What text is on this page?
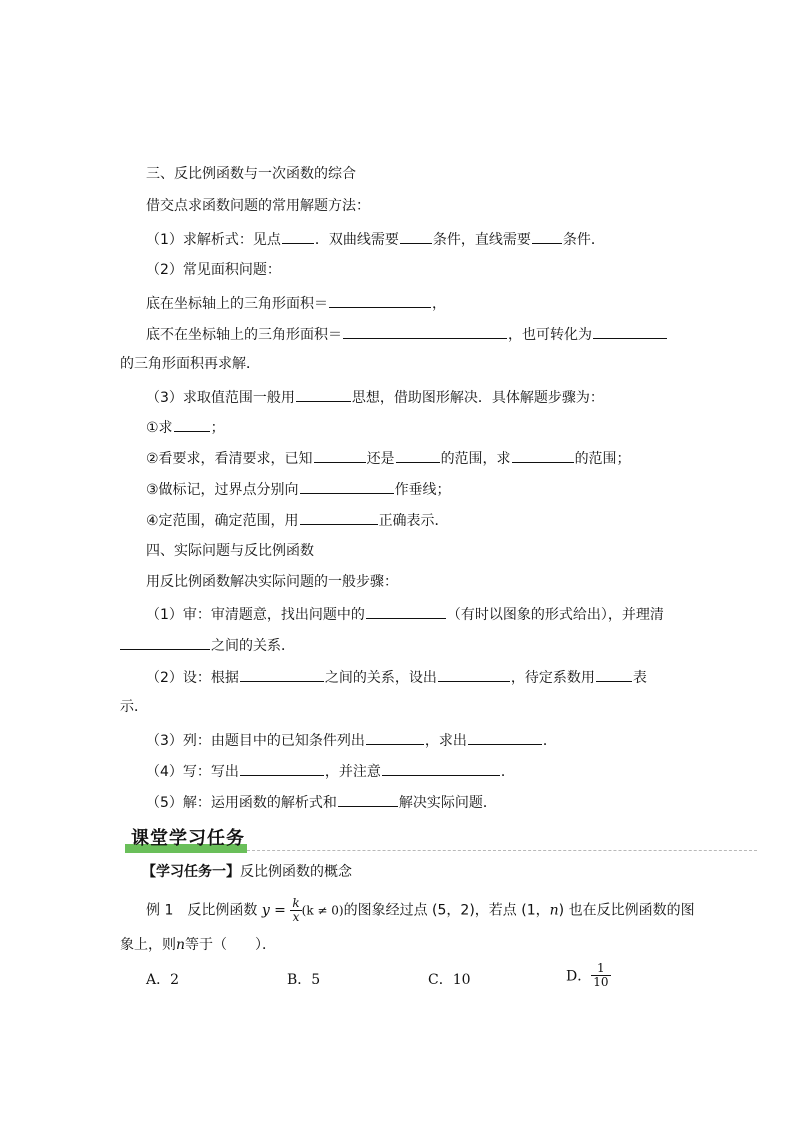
三、反比例函数与一次函数的综合
借交点求函数问题的常用解题方法：
（1）求解析式：见点 ．双曲线需要 条件，直线需要 条件．
（2）常见面积问题：
底在坐标轴上的三角形面积＝	，
底不在坐标轴上的三角形面积＝	，也可转化为
的三角形面积再求解．
（3）求取值范围一般用	思想，借助图形解决．具体解题步骤为：
①求	；
②看要求，看清要求，已知	还是	的范围，求	的范围；
③做标记，过界点分别向	作垂线；
④定范围，确定范围，用	正确表示．
四、实际问题与反比例函数
用反比例函数解决实际问题的一般步骤：
（1）审：审清题意，找出问题中的	（有时以图象的形式给出），并理清
之间的关系．
（2）设：根据	之间的关系，设出	，待定系数用	表
示．
（3）列：由题目中的已知条件列出	，求出	．
（4）写：写出	，并注意	．
（5）解：运用函数的解析式和	解决实际问题．
课堂学习任务
【学习任务一】反比例函数的概念
例 1　反比例函数 $y = \frac{k}{x} (k \ne 0)$的图象经过点 (5，2)，若点 (1，n) 也在反比例函数的图
象上，则n等于（　　）．
A．2	B．5	C．10	D． $\frac{1}{10}$
